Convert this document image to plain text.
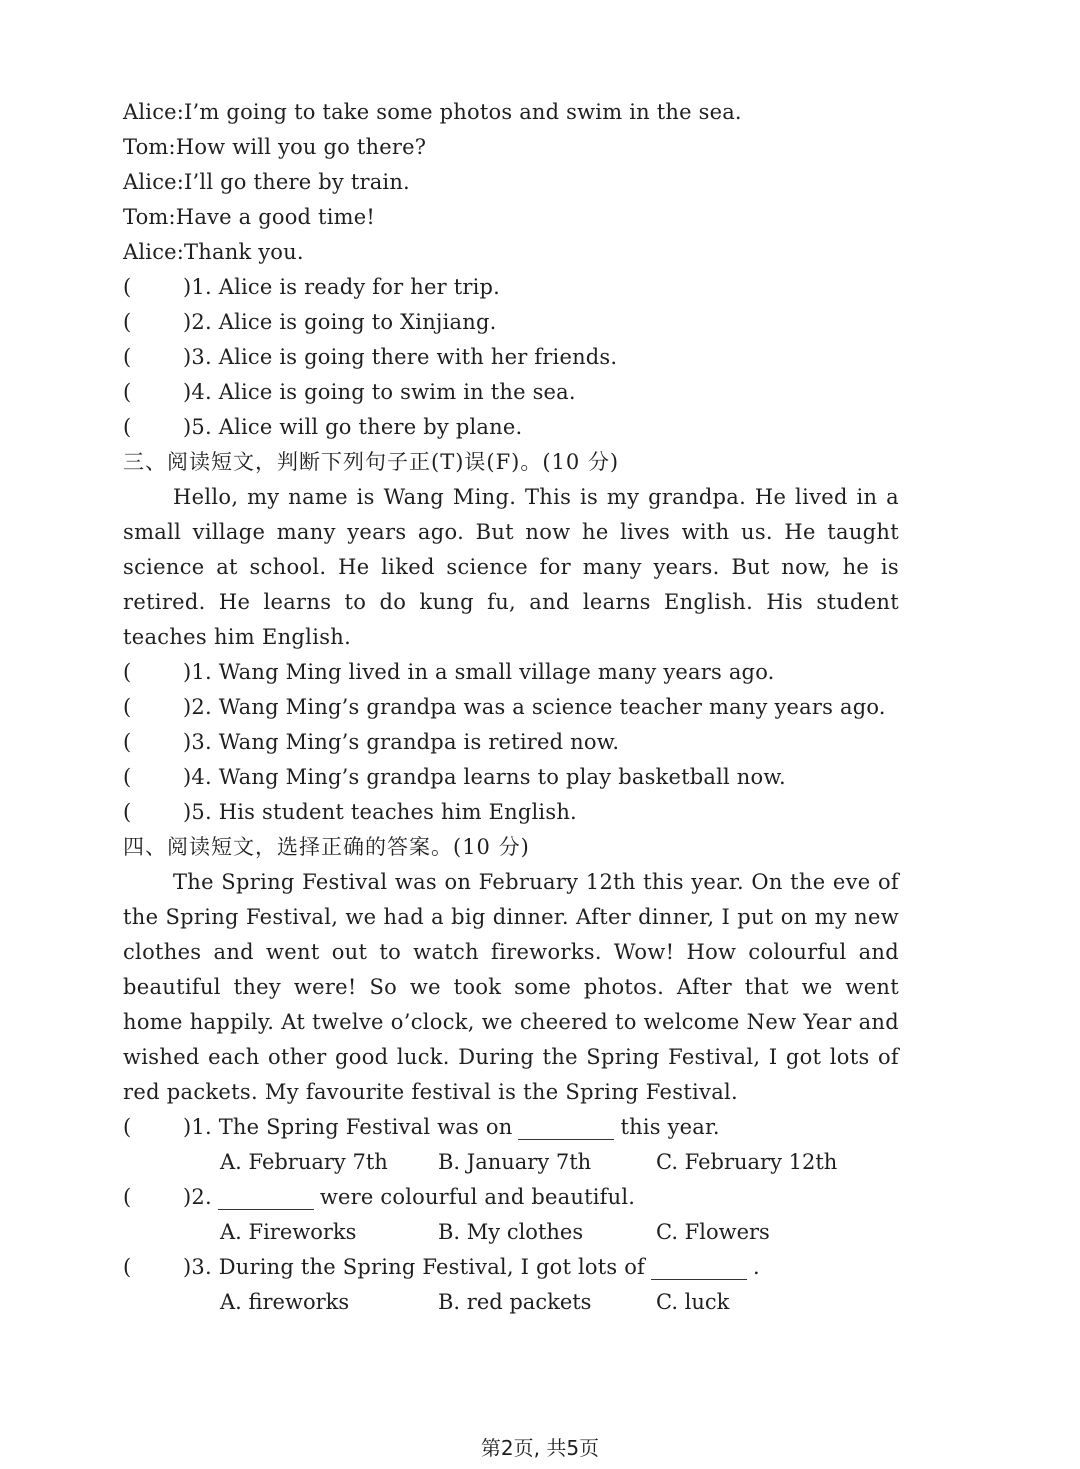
Alice:I’m going to take some photos and swim in the sea.
Tom:How will you go there?
Alice:I’ll go there by train.
Tom:Have a good time!
Alice:Thank you.
( )1. Alice is ready for her trip.
( )2. Alice is going to Xinjiang.
( )3. Alice is going there with her friends.
( )4. Alice is going to swim in the sea.
( )5. Alice will go there by plane.
三、阅读短文，判断下列句子正(T)误(F)。(10 分)
Hello, my name is Wang Ming. This is my grandpa. He lived in a small village many years ago. But now he lives with us. He taught science at school. He liked science for many years. But now, he is retired. He learns to do kung fu, and learns English. His student teaches him English.
( )1. Wang Ming lived in a small village many years ago.
( )2. Wang Ming’s grandpa was a science teacher many years ago.
( )3. Wang Ming’s grandpa is retired now.
( )4. Wang Ming’s grandpa learns to play basketball now.
( )5. His student teaches him English.
四、阅读短文，选择正确的答案。(10 分)
The Spring Festival was on February 12th this year. On the eve of the Spring Festival, we had a big dinner. After dinner, I put on my new clothes and went out to watch fireworks. Wow! How colourful and beautiful they were! So we took some photos. After that we went home happily. At twelve o’clock, we cheered to welcome New Year and wished each other good luck. During the Spring Festival, I got lots of red packets. My favourite festival is the Spring Festival.
( )1. The Spring Festival was on	this year.
A. February 7th B. January 7th	C. February 12th
( )2.	were colourful and beautiful.
A. Fireworks	B. My clothes	C. Flowers
( )3. During the Spring Festival, I got lots of	.
A. fireworks	B. red packets	C. luck
第2页, 共5页
